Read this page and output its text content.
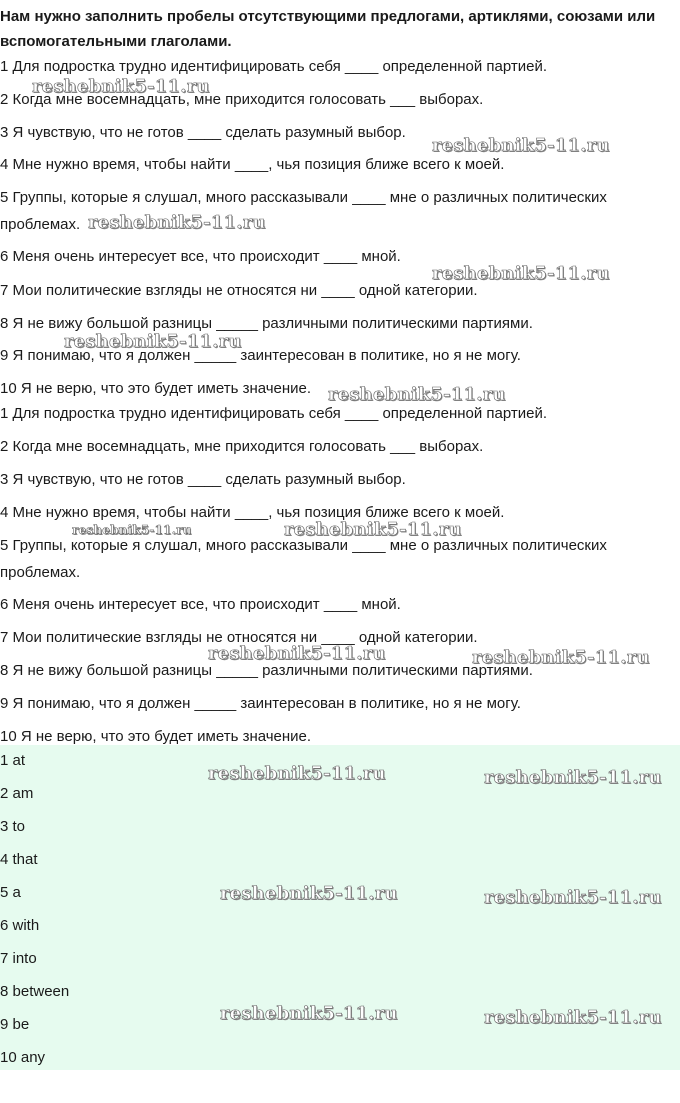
Нам нужно заполнить пробелы отсутствующими предлогами, артиклями, союзами или вспомогательными глаголами.
1 Для подростка трудно идентифицировать себя ____ определенной партией.
2 Когда мне восемнадцать, мне приходится голосовать ___ выборах.
3 Я чувствую, что не готов ____ сделать разумный выбор.
4 Мне нужно время, чтобы найти ____, чья позиция ближе всего к моей.
5 Группы, которые я слушал, много рассказывали ____ мне о различных политических проблемах.
6 Меня очень интересует все, что происходит ____ мной.
7 Мои политические взгляды не относятся ни ____ одной категории.
8 Я не вижу большой разницы _____ различными политическими партиями.
9 Я понимаю, что я должен _____ заинтересован в политике, но я не могу.
10 Я не верю, что это будет иметь значение.
1 Для подростка трудно идентифицировать себя ____ определенной партией.
2 Когда мне восемнадцать, мне приходится голосовать ___ выборах.
3 Я чувствую, что не готов ____ сделать разумный выбор.
4 Мне нужно время, чтобы найти ____, чья позиция ближе всего к моей.
5 Группы, которые я слушал, много рассказывали ____ мне о различных политических проблемах.
6 Меня очень интересует все, что происходит ____ мной.
7 Мои политические взгляды не относятся ни ____ одной категории.
8 Я не вижу большой разницы _____ различными политическими партиями.
9 Я понимаю, что я должен _____ заинтересован в политике, но я не могу.
10 Я не верю, что это будет иметь значение.
1 at
2 am
3 to
4 that
5 a
6 with
7 into
8 between
9 be
10 any
reshebnik5-11.ru
reshebnik5-11.ru
reshebnik5-11.ru
reshebnik5-11.ru
reshebnik5-11.ru
reshebnik5-11.ru
reshebnik5-11.ru	reshebnik5-11.ru
reshebnik5-11.ru	reshebnik5-11.ru
reshebnik5-11.ru	reshebnik5-11.ru
reshebnik5-11.ru	reshebnik5-11.ru
reshebnik5-11.ru	reshebnik5-11.ru
